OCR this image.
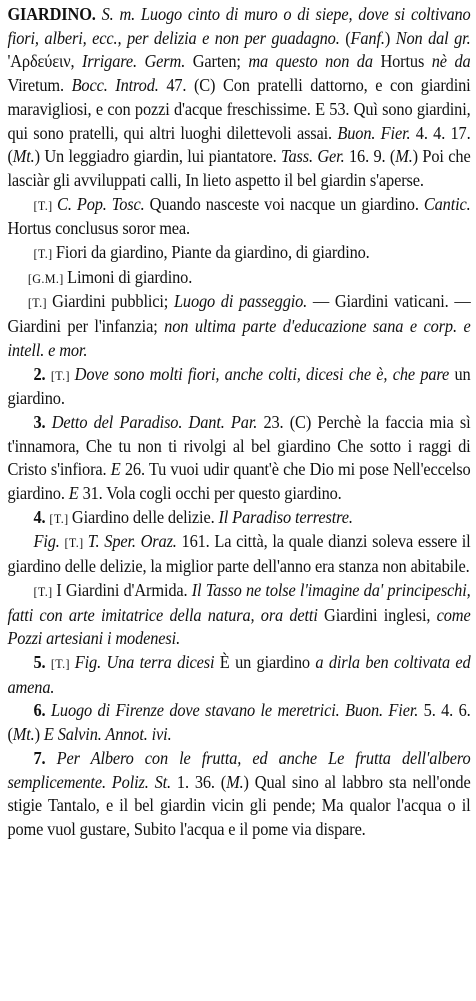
GIARDINO. S. m. Luogo cinto di muro o di siepe, dove si coltivano fiori, alberi, ecc., per delizia e non per guadagno. (Fanf.) Non dal gr. 'Αρδεύειν, Irrigare. Germ. Garten; ma questo non da Hortus nè da Viretum. Bocc. Introd. 47. (C) Con pratelli dattorno, e con giardini maravigliosi, e con pozzi d'acque freschissime. E 53. Quì sono giardini, qui sono pratelli, qui altri luoghi dilettevoli assai. Buon. Fier. 4. 4. 17. (Mt.) Un leggiadro giardin, lui piantatore. Tass. Ger. 16. 9. (M.) Poi che lasciàr gli avviluppati calli, In lieto aspetto il bel giardin s'aperse.

[T.] C. Pop. Tosc. Quando nasceste voi nacque un giardino. Cantic. Hortus conclusus soror mea.

[T.] Fiori da giardino, Piante da giardino, di giardino.

[G.M.] Limoni di giardino.

[T.] Giardini pubblici; Luogo di passeggio. — Giardini vaticani. — Giardini per l'infanzia; non ultima parte d'educazione sana e corp. e intell. e mor.

2. [T.] Dove sono molti fiori, anche colti, dicesi che è, che pare un giardino.

3. Detto del Paradiso. Dant. Par. 23. (C) Perchè la faccia mia sì t'innamora, Che tu non ti rivolgi al bel giardino Che sotto i raggi di Cristo s'infiora. E 26. Tu vuoi udir quant'è che Dio mi pose Nell'eccelso giardino. E 31. Vola cogli occhi per questo giardino.

4. [T.] Giardino delle delizie. Il Paradiso terrestre.

Fig. [T.] T. Sper. Oraz. 161. La città, la quale dianzi soleva essere il giardino delle delizie, la miglior parte dell'anno era stanza non abitabile.

[T.] I Giardini d'Armida. Il Tasso ne tolse l'imagine da' principeschi, fatti con arte imitatrice della natura, ora detti Giardini inglesi, come Pozzi artesiani i modenesi.

5. [T.] Fig. Una terra dicesi È un giardino a dirla ben coltivata ed amena.

6. Luogo di Firenze dove stavano le meretrici. Buon. Fier. 5. 4. 6. (Mt.) E Salvin. Annot. ivi.

7. Per Albero con le frutta, ed anche Le frutta dell'albero semplicemente. Poliz. St. 1. 36. (M.) Qual sino al labbro sta nell'onde stigie Tantalo, e il bel giardin vicin gli pende; Ma qualor l'acqua o il pome vuol gustare, Subito l'acqua e il pome via dispare.
